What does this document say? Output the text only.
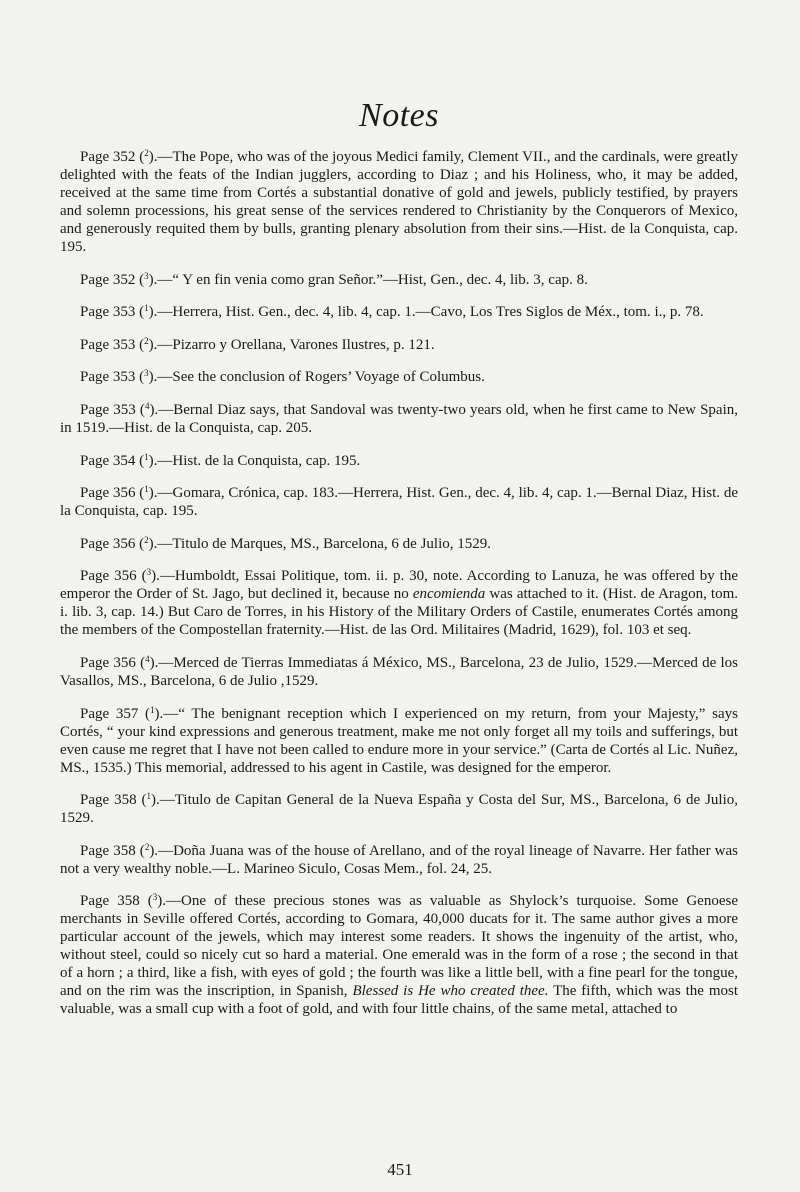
Notes

Page 352 ($^2$).—The Pope, who was of the joyous Medici family, Clement VII., and the cardinals, were greatly delighted with the feats of the Indian jugglers, according to Diaz ; and his Holiness, who, it may be added, received at the same time from Cortés a substantial donative of gold and jewels, publicly testified, by prayers and solemn processions, his great sense of the services rendered to Christianity by the Conquerors of Mexico, and generously requited them by bulls, granting plenary absolution from their sins.—Hist. de la Conquista, cap. 195.

Page 352 ($^3$).—“ Y en fin venia como gran Señor.”—Hist, Gen., dec. 4, lib. 3, cap. 8.

Page 353 ($^1$).—Herrera, Hist. Gen., dec. 4, lib. 4, cap. 1.—Cavo, Los Tres Siglos de Méx., tom. i., p. 78.

Page 353 ($^2$).—Pizarro y Orellana, Varones Ilustres, p. 121.

Page 353 ($^3$).—See the conclusion of Rogers’ Voyage of Columbus.

Page 353 ($^4$).—Bernal Diaz says, that Sandoval was twenty-two years old, when he first came to New Spain, in 1519.—Hist. de la Conquista, cap. 205.

Page 354 ($^1$).—Hist. de la Conquista, cap. 195.

Page 356 ($^1$).—Gomara, Crónica, cap. 183.—Herrera, Hist. Gen., dec. 4, lib. 4, cap. 1.—Bernal Diaz, Hist. de la Conquista, cap. 195.

Page 356 ($^2$).—Titulo de Marques, MS., Barcelona, 6 de Julio, 1529.

Page 356 ($^3$).—Humboldt, Essai Politique, tom. ii. p. 30, note. According to Lanuza, he was offered by the emperor the Order of St. Jago, but declined it, because no encomienda was attached to it. (Hist. de Aragon, tom. i. lib. 3, cap. 14.) But Caro de Torres, in his History of the Military Orders of Castile, enumerates Cortés among the members of the Compostellan fraternity.—Hist. de las Ord. Militaires (Madrid, 1629), fol. 103 et seq.

Page 356 ($^4$).—Merced de Tierras Immediatas á México, MS., Barcelona, 23 de Julio, 1529.—Merced de los Vasallos, MS., Barcelona, 6 de Julio ,1529.

Page 357 ($^1$).—“ The benignant reception which I experienced on my return, from your Majesty,” says Cortés, “ your kind expressions and generous treatment, make me not only forget all my toils and sufferings, but even cause me regret that I have not been called to endure more in your service.” (Carta de Cortés al Lic. Nuñez, MS., 1535.) This memorial, addressed to his agent in Castile, was designed for the emperor.

Page 358 ($^1$).—Titulo de Capitan General de la Nueva España y Costa del Sur, MS., Barcelona, 6 de Julio, 1529.

Page 358 ($^2$).—Doña Juana was of the house of Arellano, and of the royal lineage of Navarre. Her father was not a very wealthy noble.—L. Marineo Siculo, Cosas Mem., fol. 24, 25.

Page 358 ($^3$).—One of these precious stones was as valuable as Shylock’s turquoise. Some Genoese merchants in Seville offered Cortés, according to Gomara, 40,000 ducats for it. The same author gives a more particular account of the jewels, which may interest some readers. It shows the ingenuity of the artist, who, without steel, could so nicely cut so hard a material. One emerald was in the form of a rose ; the second in that of a horn ; a third, like a fish, with eyes of gold ; the fourth was like a little bell, with a fine pearl for the tongue, and on the rim was the inscription, in Spanish, Blessed is He who created thee. The fifth, which was the most valuable, was a small cup with a foot of gold, and with four little chains, of the same metal, attached to

451
